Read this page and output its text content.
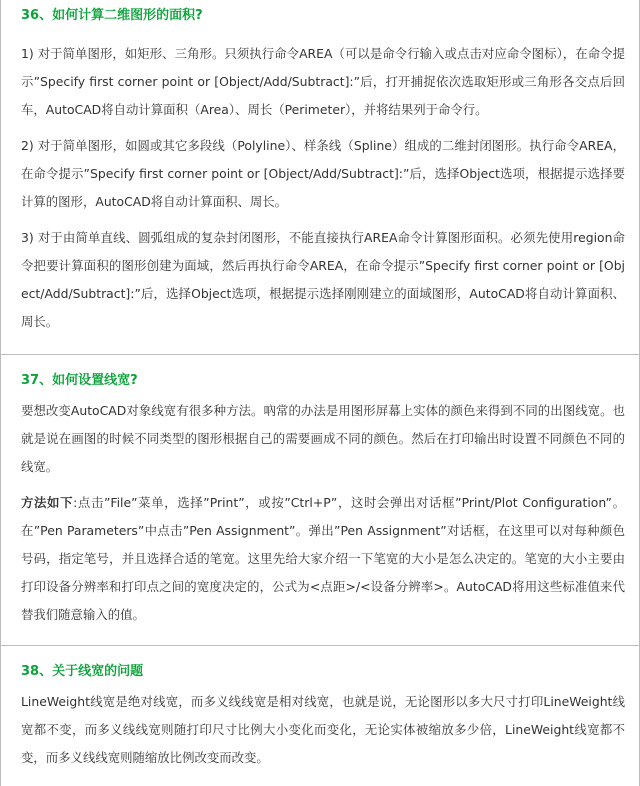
36、如何计算二维图形的面积?

1) 对于简单图形，如矩形、三角形。只须执行命令AREA（可以是命令行输入或点击对应命令图标），在命令提示”Specify first corner point or [Object/Add/Subtract]:”后，打开捕捉依次选取矩形或三角形各交点后回车，AutoCAD将自动计算面积（Area）、周长（Perimeter），并将结果列于命令行。

2) 对于简单图形，如圆或其它多段线（Polyline）、样条线（Spline）组成的二维封闭图形。执行命令AREA，在命令提示”Specify first corner point or [Object/Add/Subtract]:”后，选择Object选项，根据提示选择要计算的图形，AutoCAD将自动计算面积、周长。

3) 对于由简单直线、圆弧组成的复杂封闭图形，不能直接执行AREA命令计算图形面积。必须先使用region命令把要计算面积的图形创建为面域，然后再执行命令AREA，在命令提示”Specify first corner point or [Object/Add/Subtract]:”后，选择Object选项，根据提示选择刚刚建立的面域图形，AutoCAD将自动计算面积、周长。

37、如何设置线宽?

要想改变AutoCAD对象线宽有很多种方法。吶常的办法是用图形屏幕上实体的颜色来得到不同的出图线宽。也就是说在画图的时候不同类型的图形根据自己的需要画成不同的颜色。然后在打印输出时设置不同颜色不同的线宽。

方法如下:点击”File”菜单，选择”Print”，或按”Ctrl+P”，这时会弹出对话框”Print/Plot Configuration”。在”Pen Parameters”中点击”Pen Assignment”。弹出”Pen Assignment”对话框，在这里可以对每种颜色号码，指定笔号，并且选择合适的笔宽。这里先给大家介绍一下笔宽的大小是怎么决定的。笔宽的大小主要由打印设备分辨率和打印点之间的宽度决定的，公式为<点距>/<设备分辨率>。AutoCAD将用这些标准值来代替我们随意输入的值。

38、关于线宽的问题

LineWeight线宽是绝对线宽，而多义线线宽是相对线宽，也就是说，无论图形以多大尺寸打印LineWeight线宽都不变，而多义线线宽则随打印尺寸比例大小变化而变化，无论实体被缩放多少倍，LineWeight线宽都不变，而多义线线宽则随缩放比例改变而改变。
